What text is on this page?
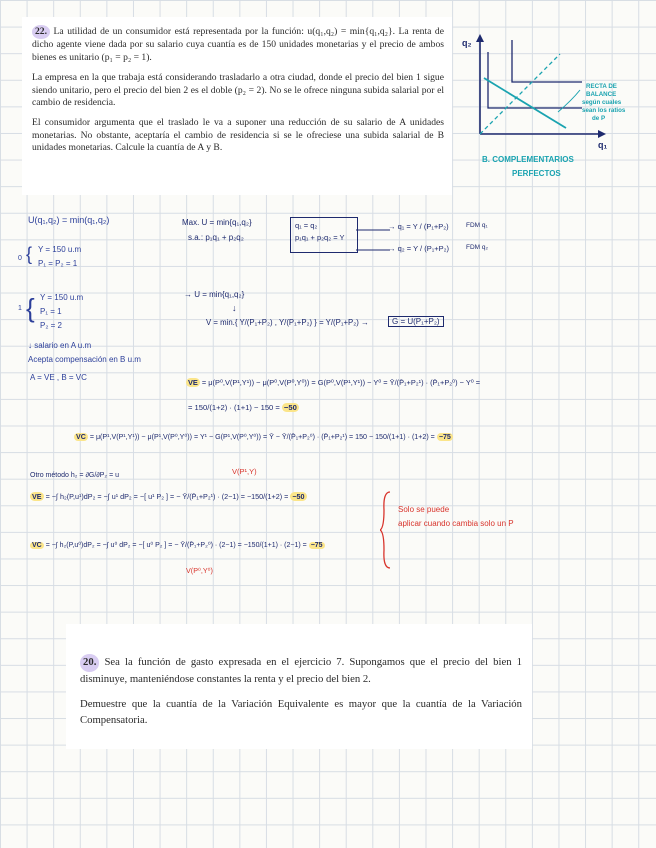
22. La utilidad de un consumidor está representada por la función: u(q₁,q₂) = min{q₁,q₂}. La renta de dicho agente viene dada por su salario cuya cuantía es de 150 unidades monetarias y el precio de ambos bienes es unitario (p₁ = p₂ = 1).

La empresa en la que trabaja está considerando trasladarlo a otra ciudad, donde el precio del bien 1 sigue siendo unitario, pero el precio del bien 2 es el doble (p₂ = 2). No se le ofrece ninguna subida salarial por el cambio de residencia.

El consumidor argumenta que el traslado le va a suponer una reducción de su salario de A unidades monetarias. No obstante, aceptaría el cambio de residencia si se le ofreciese una subida salarial de B unidades monetarias. Calcule la cuantía de A y B.

q₂
q₁
RECTA DE
BALANCE
según cuales
sean los ratios
de P
B. COMPLEMENTARIOS
PERFECTOS
U(q₁,q₂) = min(q₁,q₂)
{
0
Y = 150 u.m
P₁ = P₂ = 1
{
1
Y = 150 u.m
P₁ = 1
P₂ = 2
↓ salario en A u.m
Acepta compensación en B u.m
A = VE , B = VC
Max. U = min{q₁,q₂}
s.a.: p₁q₁ + p₂q₂
q₁ = q₂
p₁q₁ + p₂q₂ = Y
→ q₁ = Y / (P₁+P₂)
→ q₂ = Y / (P₁+P₂)
FDM q₁
FDM q₂
→ U = min{q₁,q₂}
↓
V = min.{ Y/(P₁+P₂) , Y/(P₁+P₂) } = Y/(P₁+P₂) →	G = U(P₁+P₂)
VE = μ(P⁰,V(P¹,Y¹)) − μ(P⁰,V(P⁰,Y⁰)) = G(P⁰,V(P¹,Y¹)) − Y⁰ = Ȳ/(P̄₁+P₂¹) · (P̄₁+P₂⁰) − Y⁰ =
= 150/(1+2) · (1+1) − 150 = −50
VC = μ(P¹,V(P¹,Y¹)) − μ(P¹,V(P⁰,Y⁰)) = Y¹ − G(P¹,V(P⁰,Y⁰)) = Ȳ − Ȳ/(P̄₁+P₂⁰) · (P̄₁+P₂¹) = 150 − 150/(1+1) · (1+2) = −75
Otro método h₂ = ∂G/∂P₂ = u	V(P¹,Y)
VE = −∫ h₂(P,u¹)dP₂ = −∫ u¹ dP₂ = −[ u¹ P₂ ] = − Ȳ/(P̄₁+P₂¹) · (2−1) = −150/(1+2) = −50
VC = −∫ h₂(P,u⁰)dP₂ = −∫ u⁰ dP₂ = −[ u⁰ P₂ ] = − Ȳ/(P̄₁+P₂⁰) · (2−1) = −150/(1+1) · (2−1) = −75
V(P⁰,Y⁰)
Solo se puede
aplicar cuando cambia solo un P

20. Sea la función de gasto expresada en el ejercicio 7. Supongamos que el precio del bien 1 disminuye, manteniéndose constantes la renta y el precio del bien 2.

Demuestre que la cuantía de la Variación Equivalente es mayor que la cuantía de la Variación Compensatoria.
